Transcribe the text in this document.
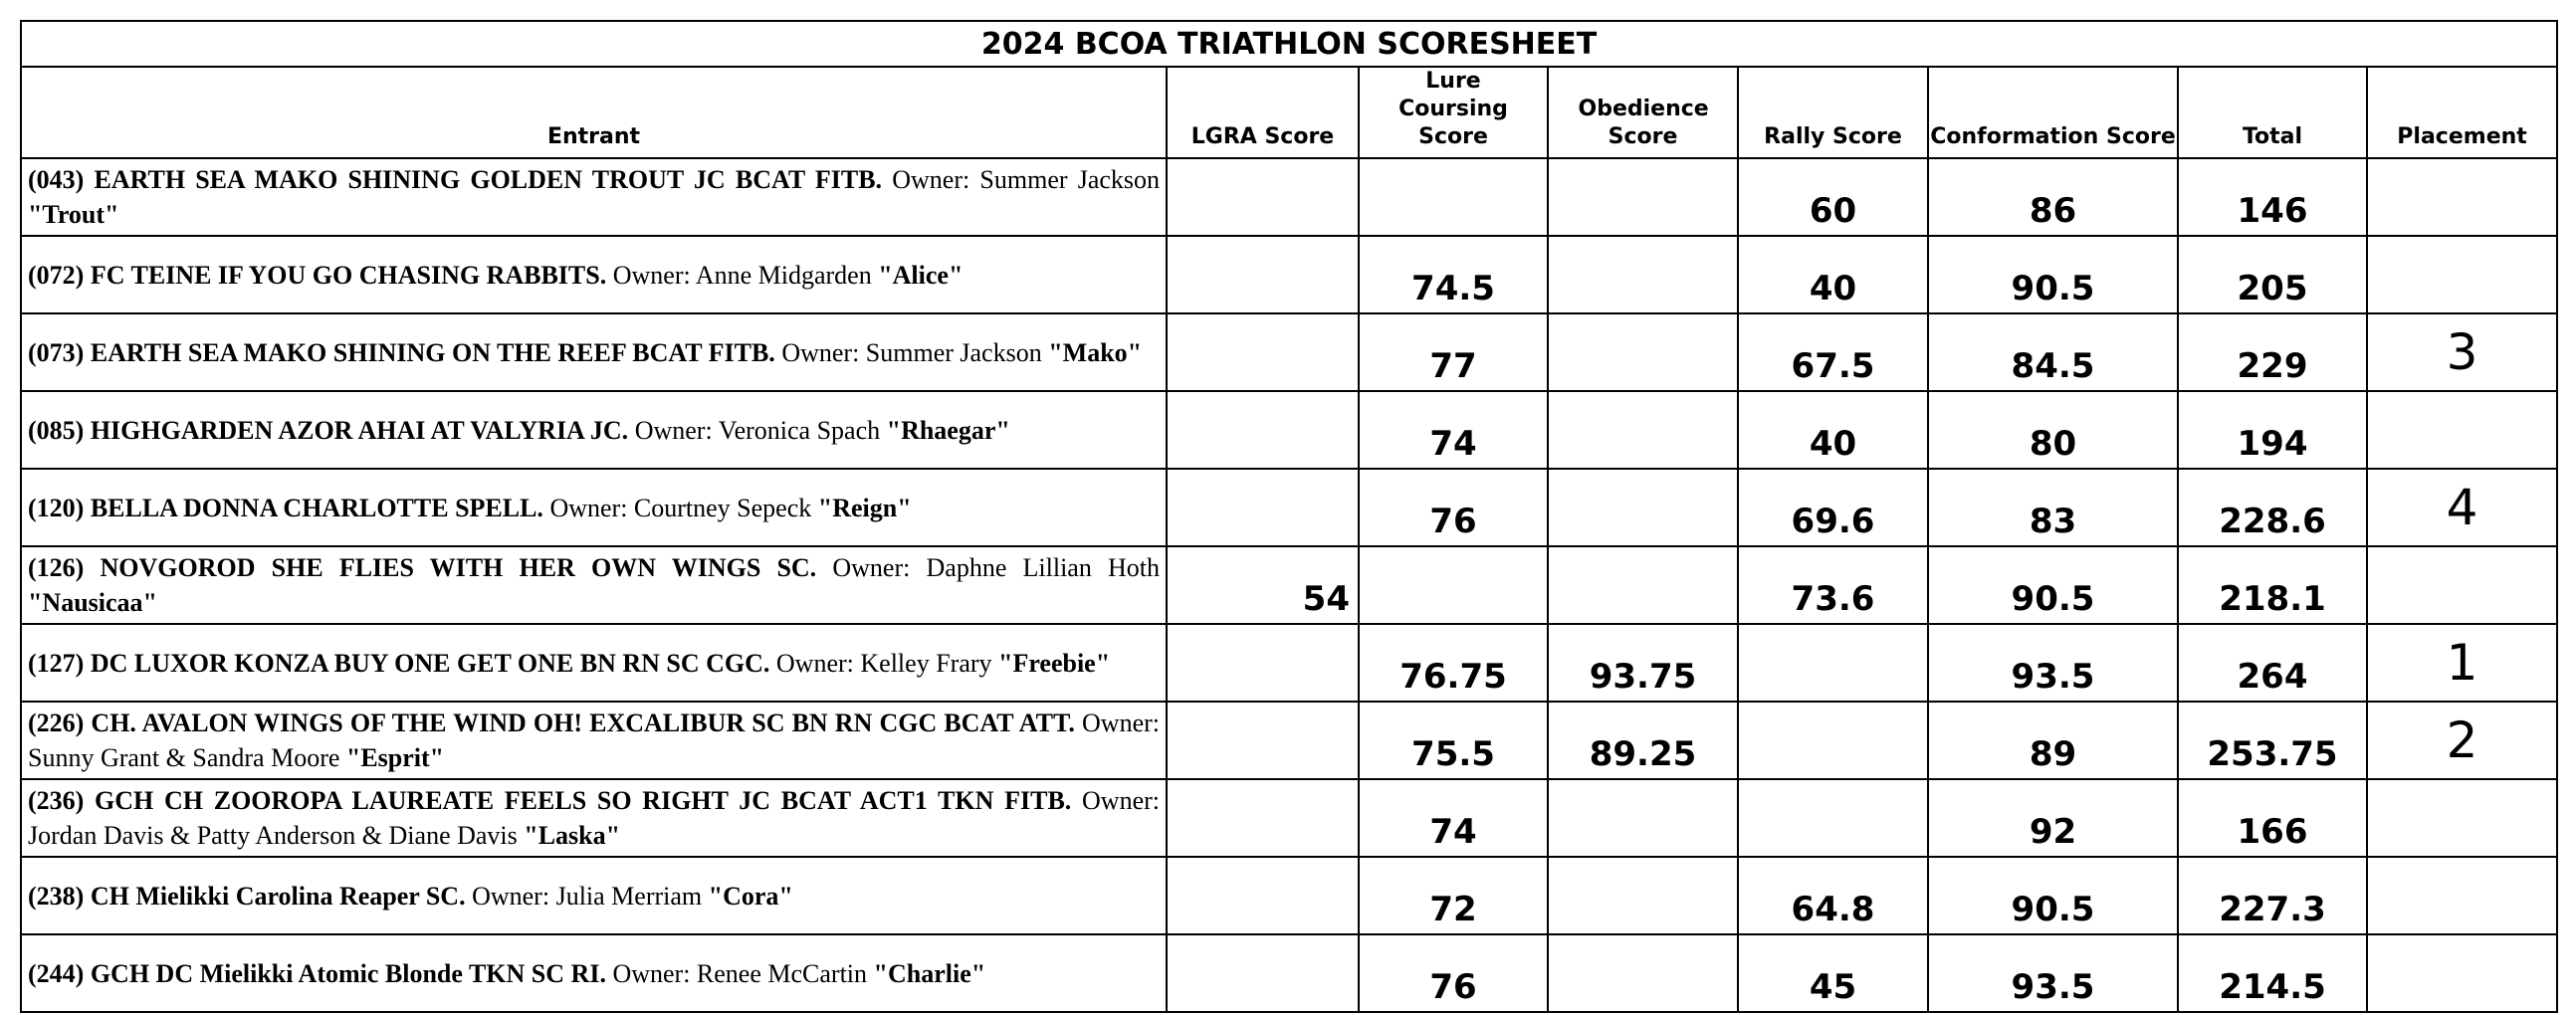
2024 BCOA TRIATHLON SCORESHEET							
Entrant	LGRA Score	Lure Coursing Score	Obedience Score	Rally Score	Conformation Score	Total	Placement
(043) EARTH SEA MAKO SHINING GOLDEN TROUT JC BCAT FITB. Owner: Summer Jackson "Trout"				60	86	146	
(072) FC TEINE IF YOU GO CHASING RABBITS. Owner: Anne Midgarden "Alice"		74.5		40	90.5	205	
(073) EARTH SEA MAKO SHINING ON THE REEF BCAT FITB. Owner: Summer Jackson "Mako"		77		67.5	84.5	229	3
(085) HIGHGARDEN AZOR AHAI AT VALYRIA JC. Owner: Veronica Spach "Rhaegar"		74		40	80	194	
(120) BELLA DONNA CHARLOTTE SPELL. Owner: Courtney Sepeck "Reign"		76		69.6	83	228.6	4
(126) NOVGOROD SHE FLIES WITH HER OWN WINGS SC. Owner: Daphne Lillian Hoth "Nausicaa"	54			73.6	90.5	218.1	
(127) DC LUXOR KONZA BUY ONE GET ONE BN RN SC CGC. Owner: Kelley Frary "Freebie"		76.75	93.75		93.5	264	1
(226) CH. AVALON WINGS OF THE WIND OH! EXCALIBUR SC BN RN CGC BCAT ATT. Owner: Sunny Grant & Sandra Moore "Esprit"		75.5	89.25		89	253.75	2
(236) GCH CH ZOOROPA LAUREATE FEELS SO RIGHT JC BCAT ACT1 TKN FITB. Owner: Jordan Davis & Patty Anderson & Diane Davis "Laska"		74			92	166	
(238) CH Mielikki Carolina Reaper SC. Owner: Julia Merriam "Cora"		72		64.8	90.5	227.3	
(244) GCH DC Mielikki Atomic Blonde TKN SC RI. Owner: Renee McCartin "Charlie"		76		45	93.5	214.5	
